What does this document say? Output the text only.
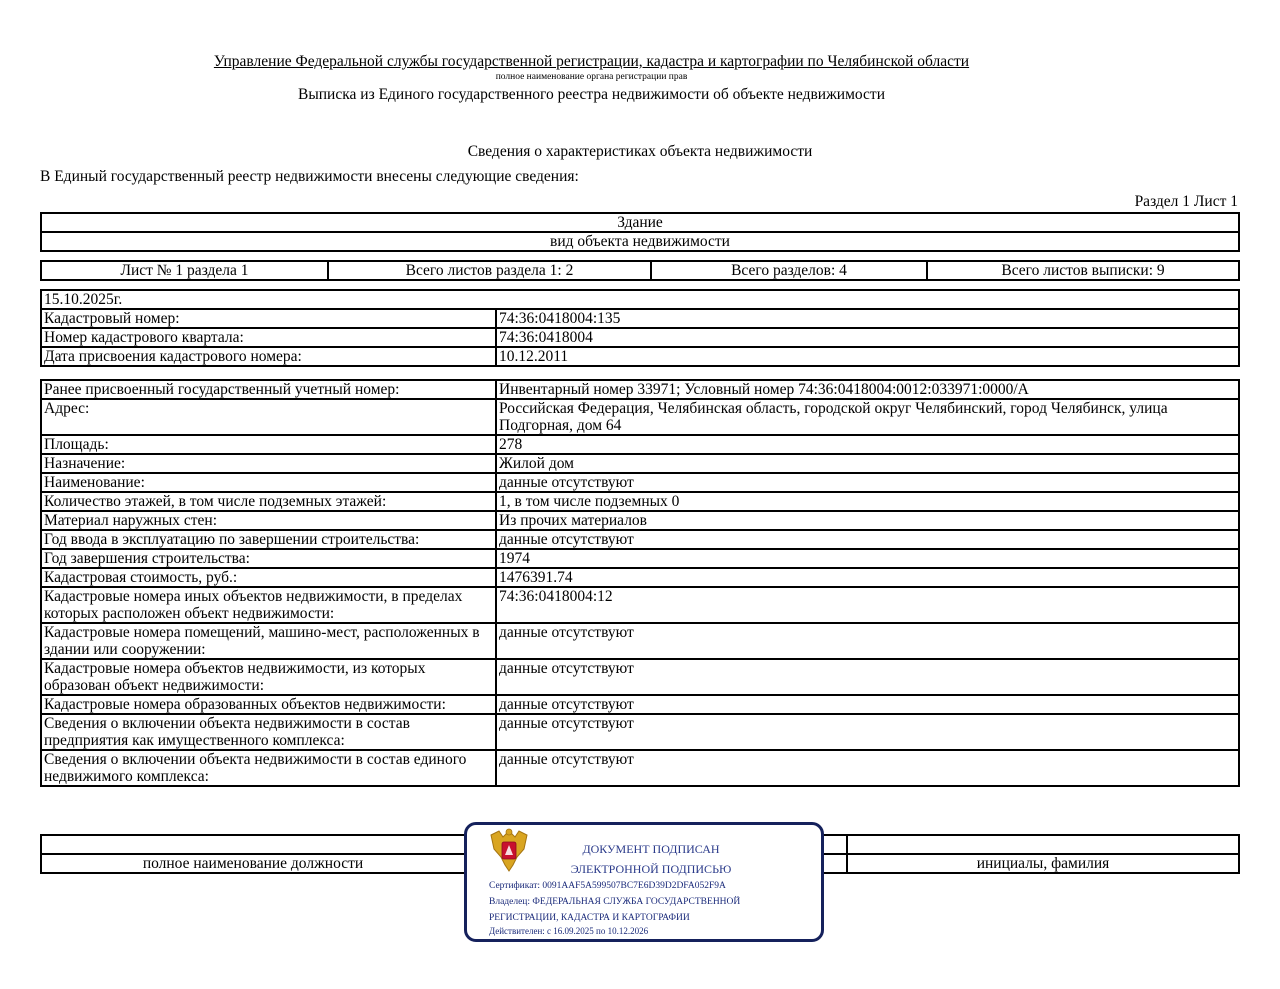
Управление Федеральной службы государственной регистрации, кадастра и картографии по Челябинской области
полное наименование органа регистрации прав
Выписка из Единого государственного реестра недвижимости об объекте недвижимости
Сведения о характеристиках объекта недвижимости
В Единый государственный реестр недвижимости внесены следующие сведения:
Раздел 1 Лист 1
Здание
вид объекта недвижимости
Лист № 1 раздела 1	Всего листов раздела 1: 2	Всего разделов: 4	Всего листов выписки: 9
15.10.2025г.	
Кадастровый номер:	74:36:0418004:135
Номер кадастрового квартала:	74:36:0418004
Дата присвоения кадастрового номера:	10.12.2011
Ранее присвоенный государственный учетный номер:	Инвентарный номер 33971; Условный номер 74:36:0418004:0012:033971:0000/А
Адрес:	Российская Федерация, Челябинская область, городской округ Челябинский, город Челябинск, улица Подгорная, дом 64
Площадь:	278
Назначение:	Жилой дом
Наименование:	данные отсутствуют
Количество этажей, в том числе подземных этажей:	1, в том числе подземных 0
Материал наружных стен:	Из прочих материалов
Год ввода в эксплуатацию по завершении строительства:	данные отсутствуют
Год завершения строительства:	1974
Кадастровая стоимость, руб.:	1476391.74
Кадастровые номера иных объектов недвижимости, в пределах которых расположен объект недвижимости:	74:36:0418004:12
Кадастровые номера помещений, машино-мест, расположенных в здании или сооружении:	данные отсутствуют
Кадастровые номера объектов недвижимости, из которых образован объект недвижимости:	данные отсутствуют
Кадастровые номера образованных объектов недвижимости:	данные отсутствуют
Сведения о включении объекта недвижимости в состав предприятия как имущественного комплекса:	данные отсутствуют
Сведения о включении объекта недвижимости в состав единого недвижимого комплекса:	данные отсутствуют

полное наименование должности		инициалы, фамилия
ДОКУМЕНТ ПОДПИСАН
ЭЛЕКТРОННОЙ ПОДПИСЬЮ
Сертификат: 0091AAF5A599507BC7E6D39D2DFA052F9A
Владелец: ФЕДЕРАЛЬНАЯ СЛУЖБА ГОСУДАРСТВЕННОЙ
РЕГИСТРАЦИИ, КАДАСТРА И КАРТОГРАФИИ
Действителен: с 16.09.2025 по 10.12.2026
